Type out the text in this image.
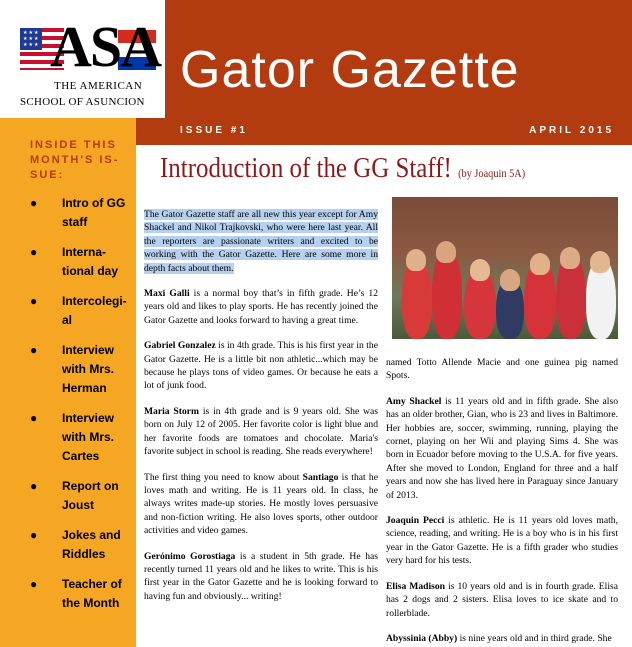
★★★
★★★
★★★ ASA
THE AMERICAN
SCHOOL OF ASUNCION
Gator Gazette
ISSUE #1	APRIL 2015
INSIDE THIS MONTH'S IS-SUE:
● Intro of GG staff
● Interna-tional day
● Intercolegi-al
● Interview with Mrs. Herman
● Interview with Mrs. Cartes
● Report on Joust
● Jokes and Riddles
● Teacher of the Month
Introduction of the GG Staff! (by Joaquin 5A)

The Gator Gazette staff are all new this year except for Amy Shackel and Nikol Trajkovski, who were here last year. All the reporters are passionate writers and excited to be working with the Gator Gazette. Here are some more in depth facts about them.

Maxi Galli is a normal boy that’s in fifth grade. He’s 12 years old and likes to play sports. He has recently joined the Gator Gazette and looks forward to having a great time.

Gabriel Gonzalez is in 4th grade. This is his first year in the Gator Gazette. He is a little bit non athletic...which may be because he plays tons of video games. Or because he eats a lot of junk food.

Maria Storm is in 4th grade and is 9 years old. She was born on July 12 of 2005. Her favorite color is light blue and her favorite foods are tomatoes and chocolate. Maria's favorite subject in school is reading. She reads everywhere!

The first thing you need to know about Santiago is that he loves math and writing. He is 11 years old. In class, he always writes made-up stories. He mostly loves persuasive and non-fiction writing. He also loves sports, other outdoor activities and video games.

Gerónimo Gorostiaga is a student in 5th grade. He has recently turned 11 years old and he likes to write. This is his first year in the Gator Gazette and he is looking forward to having fun and obviously... writing!

named Totto Allende Macie and one guinea pig named Spots.

Amy Shackel is 11 years old and in fifth grade. She also has an older brother, Gian, who is 23 and lives in Baltimore. Her hobbies are, soccer, swimming, running, playing the cornet, playing on her Wii and playing Sims 4. She was born in Ecuador before moving to the U.S.A. for five years. After she moved to London, England for three and a half years and now she has lived here in Paraguay since January of 2013.

Joaquin Pecci is athletic. He is 11 years old loves math, science, reading, and writing. He is a boy who is in his first year in the Gator Gazette. He is a fifth grader who studies very hard for his tests.

Elisa Madison is 10 years old and is in fourth grade. Elisa has 2 dogs and 2 sisters. Elisa loves to ice skate and to rollerblade.

Abyssinia (Abby) is nine years old and in third grade. She
